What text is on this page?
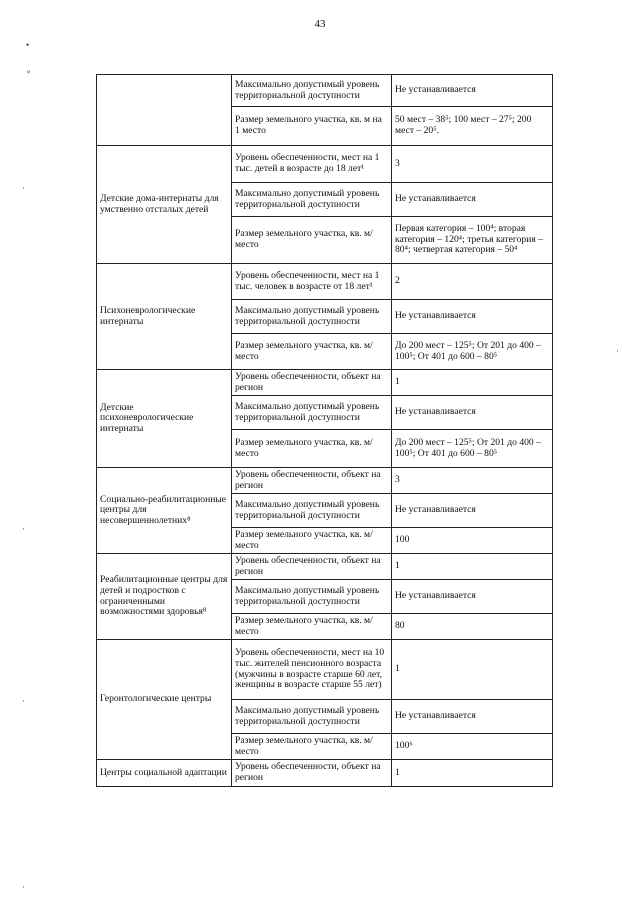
43
•
ᵩ
·
·
·
·
·
	Максимально допустимый уровень территориальной доступности	Не устанавливается
	Размер земельного участка, кв. м на 1 место	50 мест – 38⁵; 100 мест – 27⁵; 200 мест – 20⁵.
Детские дома-интернаты для умственно отсталых детей	Уровень обеспеченности, мест на 1 тыс. детей в возрасте до 18 лет¹	3
	Максимально допустимый уровень территориальной доступности	Не устанавливается
	Размер земельного участка, кв. м/место	Первая категория – 100⁴; вторая категория – 120⁴; третья категория – 80⁴; четвертая категория – 50⁴
Психоневрологические интернаты	Уровень обеспеченности, мест на 1 тыс. человек в возрасте от 18 лет¹	2
	Максимально допустимый уровень территориальной доступности	Не устанавливается
	Размер земельного участка, кв. м/место	До 200 мест – 125⁵; От 201 до 400 – 100⁵; От 401 до 600 – 80⁵
Детские психоневрологические интернаты	Уровень обеспеченности, объект на регион	1
	Максимально допустимый уровень территориальной доступности	Не устанавливается
	Размер земельного участка, кв. м/место	До 200 мест – 125⁵; От 201 до 400 – 100⁵; От 401 до 600 – 80⁵
Социально-реабилитационные центры для несовершеннолетних⁸	Уровень обеспеченности, объект на регион	3
	Максимально допустимый уровень территориальной доступности	Не устанавливается
	Размер земельного участка, кв. м/место	100
Реабилитационные центры для детей и подростков с ограниченными возможностями здоровья⁸	Уровень обеспеченности, объект на регион	1
	Максимально допустимый уровень территориальной доступности	Не устанавливается
	Размер земельного участка, кв. м/место	80
Геронтологические центры	Уровень обеспеченности, мест на 10 тыс. жителей пенсионного возраста (мужчины в возрасте старше 60 лет, женщины в возрасте старше 55 лет)	1
	Максимально допустимый уровень территориальной доступности	Не устанавливается
	Размер земельного участка, кв. м/место	100⁶
Центры социальной адаптации	Уровень обеспеченности, объект на регион	1
